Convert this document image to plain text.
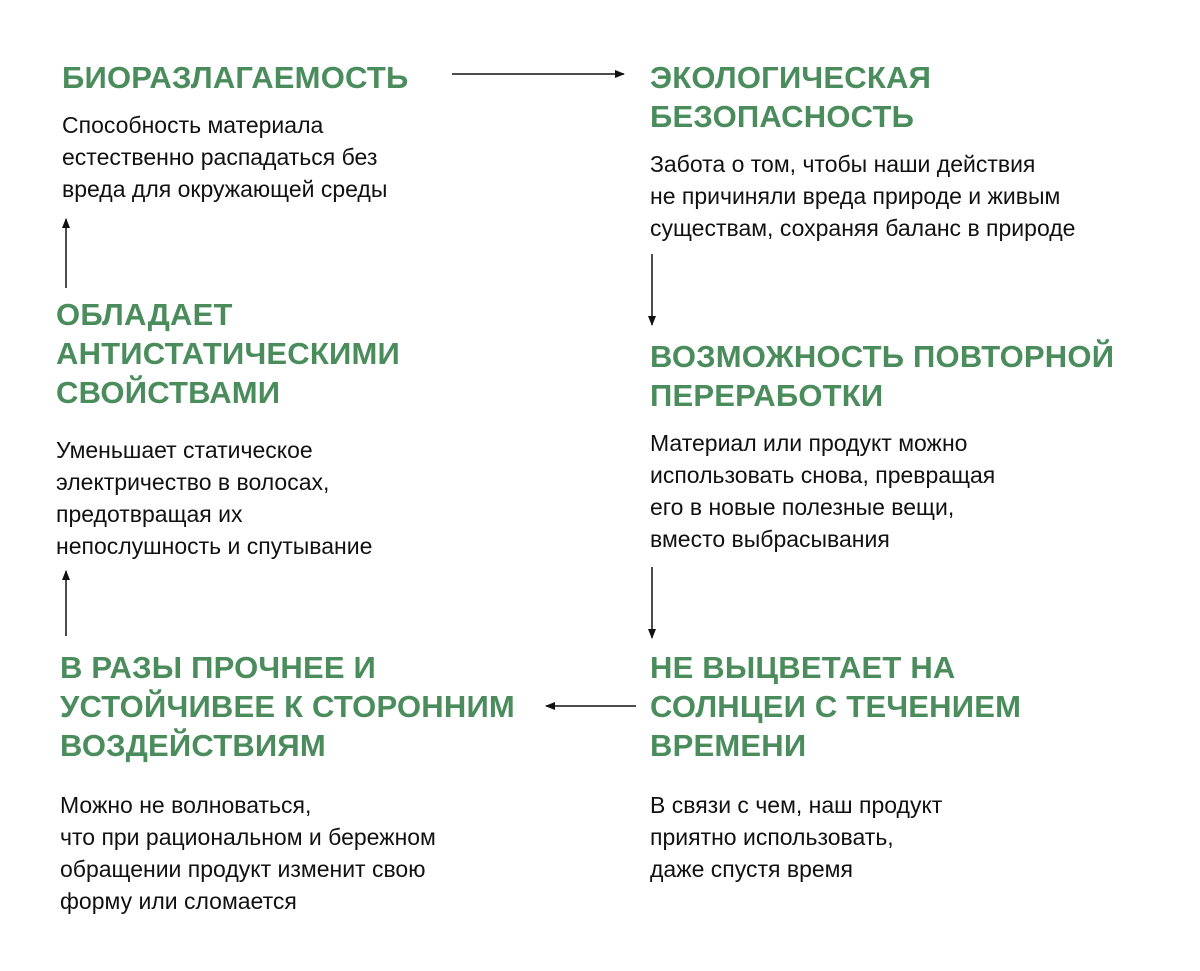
БИОРАЗЛАГАЕМОСТЬ
Способность материала
естественно распадаться без
вреда для окружающей среды
ЭКОЛОГИЧЕСКАЯ
БЕЗОПАСНОСТЬ
Забота о том, чтобы наши действия
не причиняли вреда природе и живым
существам, сохраняя баланс в природе
ВОЗМОЖНОСТЬ ПОВТОРНОЙ
ПЕРЕРАБОТКИ
Материал или продукт можно
использовать снова, превращая
его в новые полезные вещи,
вместо выбрасывания
НЕ ВЫЦВЕТАЕТ НА
СОЛНЦЕИ С ТЕЧЕНИЕМ
ВРЕМЕНИ
В связи с чем, наш продукт
приятно использовать,
даже спустя время
В РАЗЫ ПРОЧНЕЕ И
УСТОЙЧИВЕЕ К СТОРОННИМ
ВОЗДЕЙСТВИЯМ
Можно не волноваться,
что при рациональном и бережном
обращении продукт изменит свою
форму или сломается
ОБЛАДАЕТ
АНТИСТАТИЧЕСКИМИ
СВОЙСТВАМИ
Уменьшает статическое
электричество в волосах,
предотвращая их
непослушность и спутывание
